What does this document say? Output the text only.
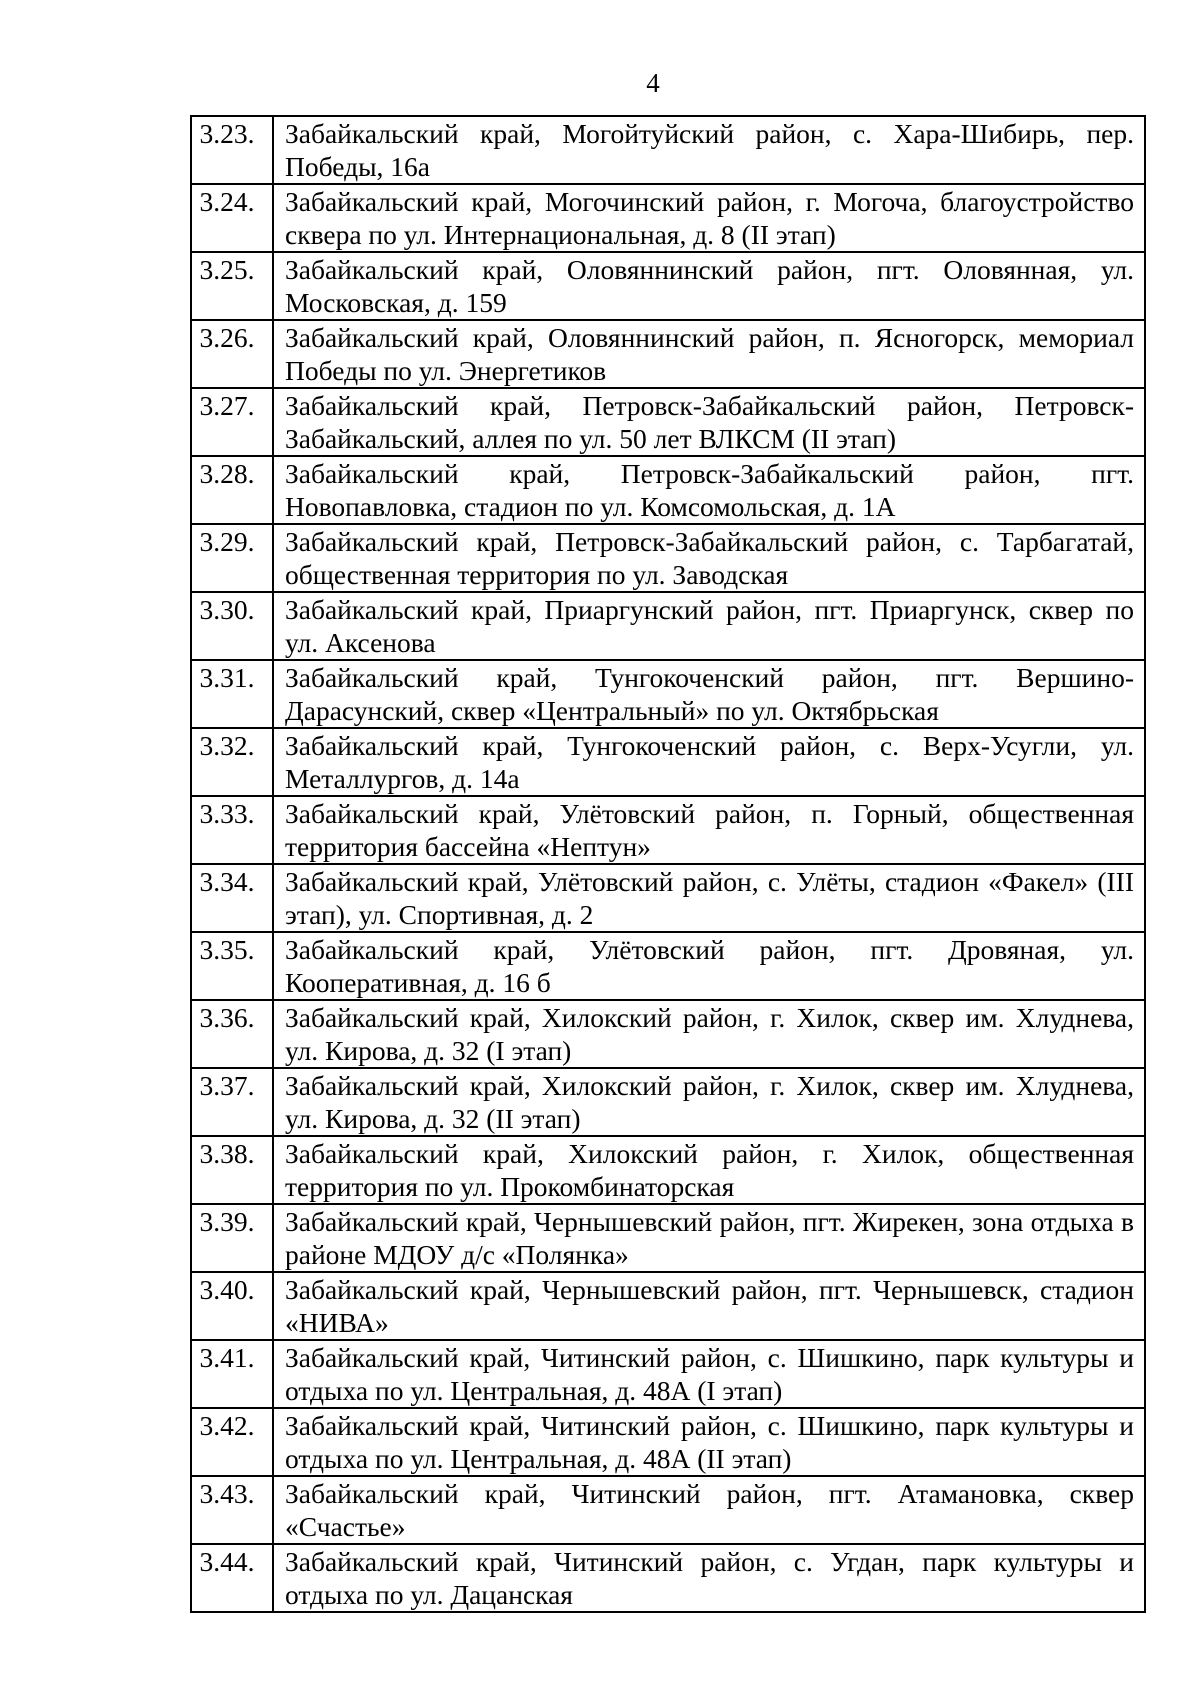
4
3.23.	Забайкальский край, Могойтуйский район, с. Хара-Шибирь, пер. Победы, 16а
3.24.	Забайкальский край, Могочинский район, г. Могоча, благоустройство сквера по ул. Интернациональная, д. 8 (II этап)
3.25.	Забайкальский край, Оловяннинский район, пгт. Оловянная, ул. Московская, д. 159
3.26.	Забайкальский край, Оловяннинский район, п. Ясногорск, мемориал Победы по ул. Энергетиков
3.27.	Забайкальский край, Петровск-Забайкальский район, Петровск-Забайкальский, аллея по ул. 50 лет ВЛКСМ (II этап)
3.28.	Забайкальский край, Петровск-Забайкальский район, пгт. Новопавловка, стадион по ул. Комсомольская, д. 1А
3.29.	Забайкальский край, Петровск-Забайкальский район, с. Тарбагатай, общественная территория по ул. Заводская
3.30.	Забайкальский край, Приаргунский район, пгт. Приаргунск, сквер по ул. Аксенова
3.31.	Забайкальский край, Тунгокоченский район, пгт. Вершино-Дарасунский, сквер «Центральный» по ул. Октябрьская
3.32.	Забайкальский край, Тунгокоченский район, с. Верх-Усугли, ул. Металлургов, д. 14а
3.33.	Забайкальский край, Улётовский район, п. Горный, общественная территория бассейна «Нептун»
3.34.	Забайкальский край, Улётовский район, с. Улёты, стадион «Факел» (III этап), ул. Спортивная, д. 2
3.35.	Забайкальский край, Улётовский район, пгт. Дровяная, ул. Кооперативная, д. 16 б
3.36.	Забайкальский край, Хилокский район, г. Хилок, сквер им. Хлуднева, ул. Кирова, д. 32 (I этап)
3.37.	Забайкальский край, Хилокский район, г. Хилок, сквер им. Хлуднева, ул. Кирова, д. 32 (II этап)
3.38.	Забайкальский край, Хилокский район, г. Хилок, общественная территория по ул. Прокомбинаторская
3.39.	Забайкальский край, Чернышевский район, пгт. Жирекен, зона отдыха в районе МДОУ д/с «Полянка»
3.40.	Забайкальский край, Чернышевский район, пгт. Чернышевск, стадион «НИВА»
3.41.	Забайкальский край, Читинский район, с. Шишкино, парк культуры и отдыха по ул. Центральная, д. 48А (I этап)
3.42.	Забайкальский край, Читинский район, с. Шишкино, парк культуры и отдыха по ул. Центральная, д. 48А (II этап)
3.43.	Забайкальский край, Читинский район, пгт. Атамановка, сквер «Счастье»
3.44.	Забайкальский край, Читинский район, с. Угдан, парк культуры и отдыха по ул. Дацанская
